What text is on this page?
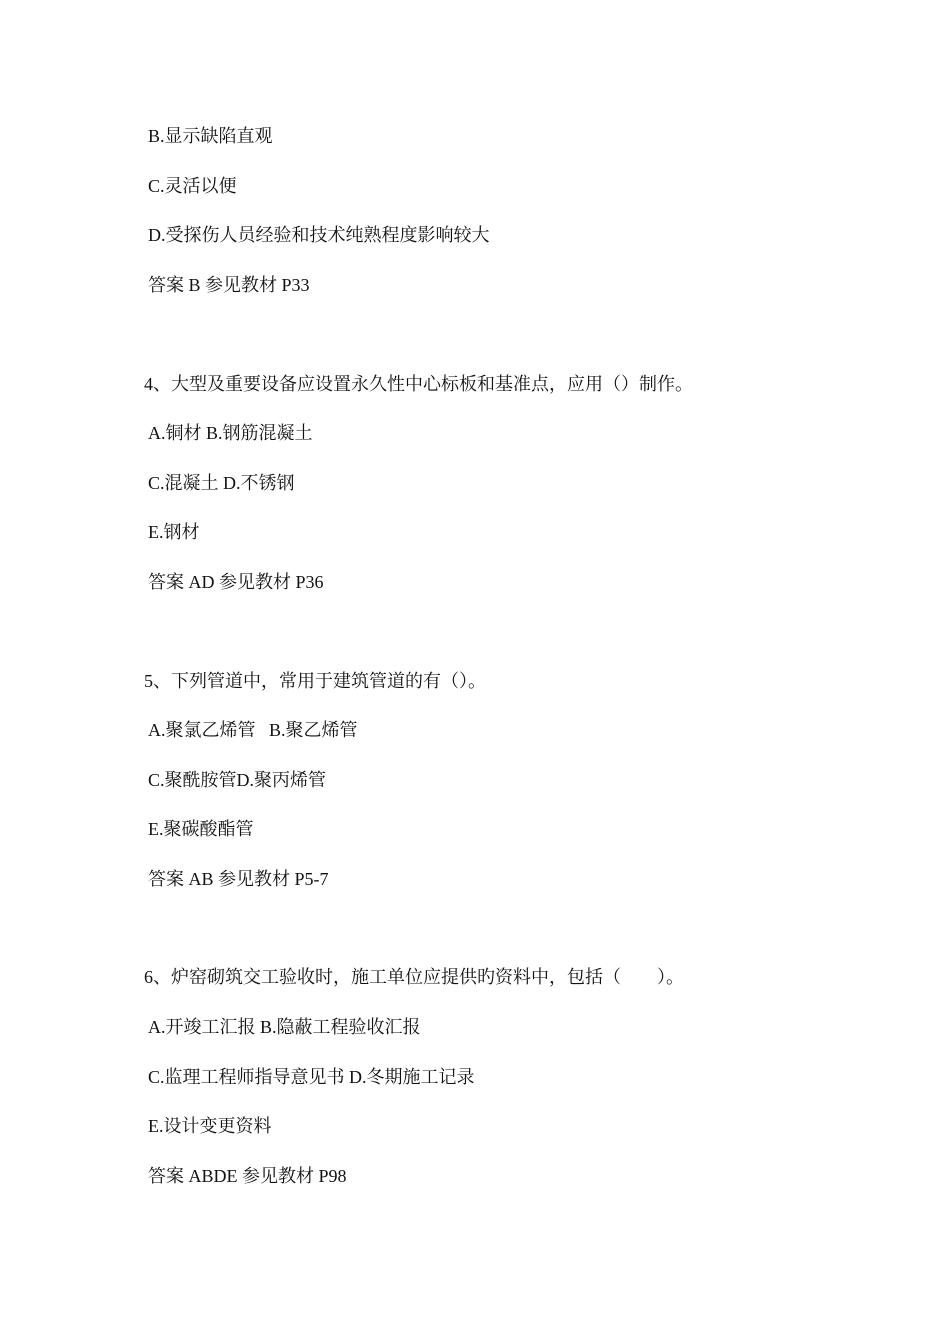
B.显示缺陷直观
C.灵活以便
D.受探伤人员经验和技术纯熟程度影响较大
答案 B 参见教材 P33
4、大型及重要设备应设置永久性中心标板和基准点，应用（）制作。
A.铜材 B.钢筋混凝土
C.混凝土 D.不锈钢
E.钢材
答案 AD 参见教材 P36
5、下列管道中，常用于建筑管道的有（）。
A.聚氯乙烯管   B.聚乙烯管
C.聚酰胺管D.聚丙烯管
E.聚碳酸酯管
答案 AB 参见教材 P5-7
6、炉窑砌筑交工验收时，施工单位应提供旳资料中，包括（　　）。
A.开竣工汇报 B.隐蔽工程验收汇报
C.监理工程师指导意见书 D.冬期施工记录
E.设计变更资料
答案 ABDE 参见教材 P98
